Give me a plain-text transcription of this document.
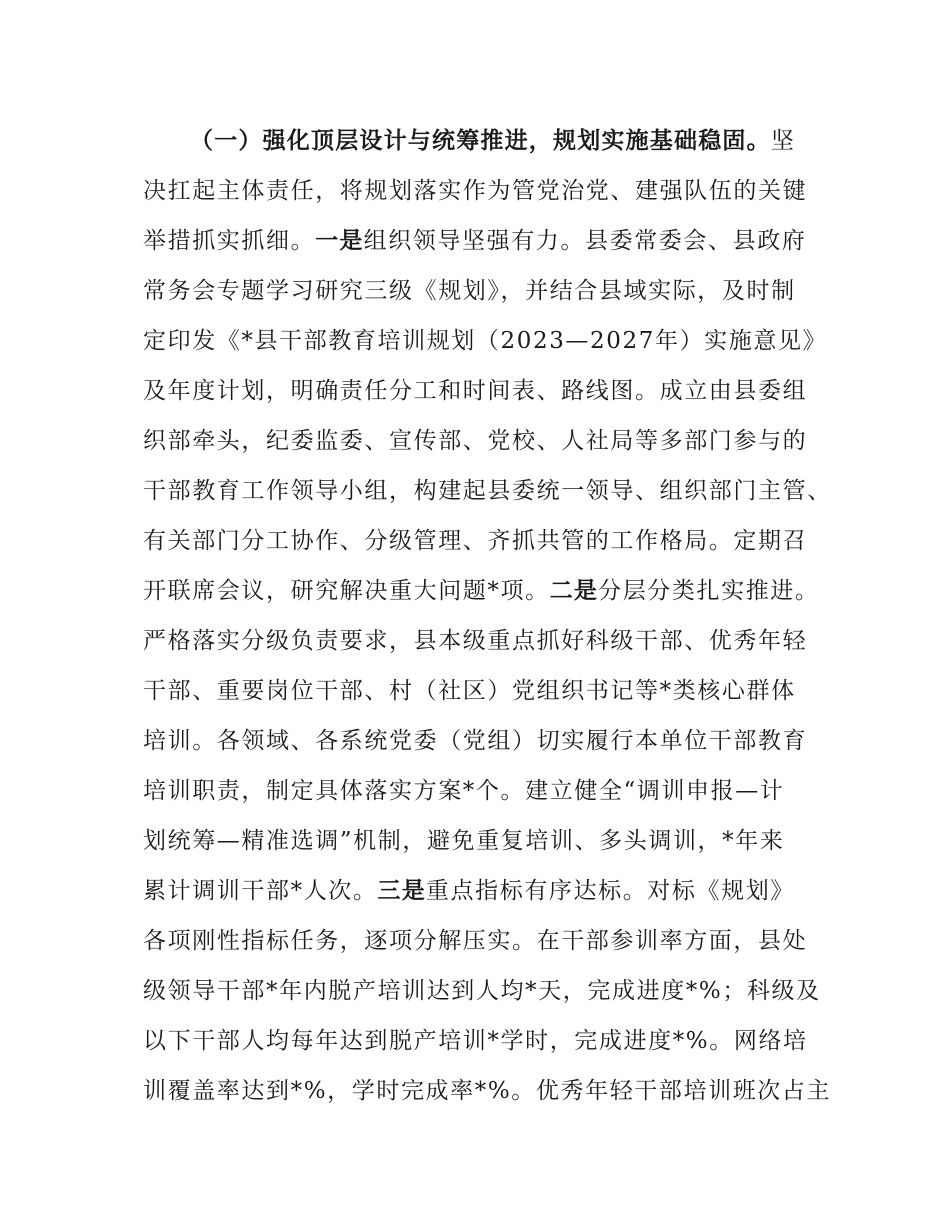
（一）强化顶层设计与统筹推进，规划实施基础稳固。坚
决扛起主体责任，将规划落实作为管党治党、建强队伍的关键
举措抓实抓细。一是组织领导坚强有力。县委常委会、县政府
常务会专题学习研究三级《规划》，并结合县域实际，及时制
定印发《*县干部教育培训规划（2023—2027年）实施意见》
及年度计划，明确责任分工和时间表、路线图。成立由县委组
织部牵头，纪委监委、宣传部、党校、人社局等多部门参与的
干部教育工作领导小组，构建起县委统一领导、组织部门主管、
有关部门分工协作、分级管理、齐抓共管的工作格局。定期召
开联席会议，研究解决重大问题*项。二是分层分类扎实推进。
严格落实分级负责要求，县本级重点抓好科级干部、优秀年轻
干部、重要岗位干部、村（社区）党组织书记等*类核心群体
培训。各领域、各系统党委（党组）切实履行本单位干部教育
培训职责，制定具体落实方案*个。建立健全“调训申报—计
划统筹—精准选调”机制，避免重复培训、多头调训，*年来
累计调训干部*人次。三是重点指标有序达标。对标《规划》
各项刚性指标任务，逐项分解压实。在干部参训率方面，县处
级领导干部*年内脱产培训达到人均*天，完成进度*%；科级及
以下干部人均每年达到脱产培训*学时，完成进度*%。网络培
训覆盖率达到*%，学时完成率*%。优秀年轻干部培训班次占主
